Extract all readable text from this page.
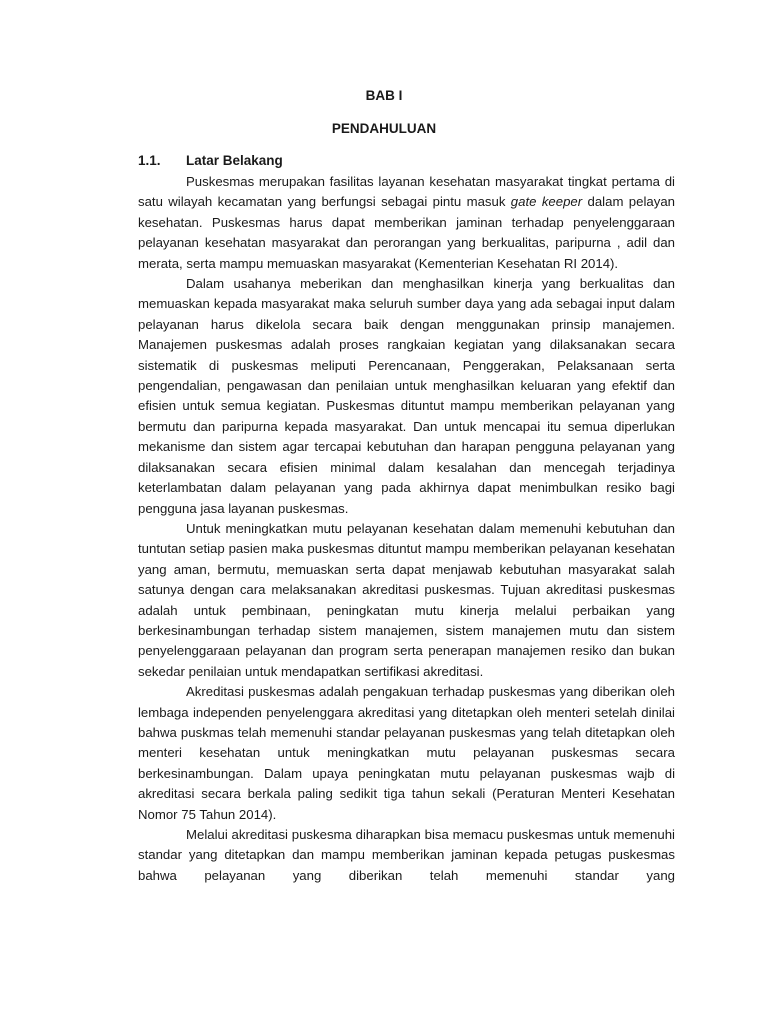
BAB I
PENDAHULUAN
1.1. Latar Belakang

Puskesmas merupakan fasilitas layanan kesehatan masyarakat tingkat pertama di satu wilayah kecamatan yang berfungsi sebagai pintu masuk gate keeper dalam pelayan kesehatan. Puskesmas harus dapat memberikan jaminan terhadap penyelenggaraan pelayanan kesehatan masyarakat dan perorangan yang berkualitas, paripurna , adil dan merata, serta mampu memuaskan masyarakat (Kementerian Kesehatan RI 2014).

Dalam usahanya meberikan dan menghasilkan kinerja yang berkualitas dan memuaskan kepada masyarakat maka seluruh sumber daya yang ada sebagai input dalam pelayanan harus dikelola secara baik dengan menggunakan prinsip manajemen. Manajemen puskesmas adalah proses rangkaian kegiatan yang dilaksanakan secara sistematik di puskesmas meliputi Perencanaan, Penggerakan, Pelaksanaan serta pengendalian, pengawasan dan penilaian untuk menghasilkan keluaran yang efektif dan efisien untuk semua kegiatan. Puskesmas dituntut mampu memberikan pelayanan yang bermutu dan paripurna kepada masyarakat. Dan untuk mencapai itu semua diperlukan mekanisme dan sistem agar tercapai kebutuhan dan harapan pengguna pelayanan yang dilaksanakan secara efisien minimal dalam kesalahan dan mencegah terjadinya keterlambatan dalam pelayanan yang pada akhirnya dapat menimbulkan resiko bagi pengguna jasa layanan puskesmas.

Untuk meningkatkan mutu pelayanan kesehatan dalam memenuhi kebutuhan dan tuntutan setiap pasien maka puskesmas dituntut mampu memberikan pelayanan kesehatan yang aman, bermutu, memuaskan serta dapat menjawab kebutuhan masyarakat salah satunya dengan cara melaksanakan akreditasi puskesmas. Tujuan akreditasi puskesmas adalah untuk pembinaan, peningkatan mutu kinerja melalui perbaikan yang berkesinambungan terhadap sistem manajemen, sistem manajemen mutu dan sistem penyelenggaraan pelayanan dan program serta penerapan manajemen resiko dan bukan sekedar penilaian untuk mendapatkan sertifikasi akreditasi.

Akreditasi puskesmas adalah pengakuan terhadap puskesmas yang diberikan oleh lembaga independen penyelenggara akreditasi yang ditetapkan oleh menteri setelah dinilai bahwa puskmas telah memenuhi standar pelayanan puskesmas yang telah ditetapkan oleh menteri kesehatan untuk meningkatkan mutu pelayanan puskesmas secara berkesinambungan. Dalam upaya peningkatan mutu pelayanan puskesmas wajb di akreditasi secara berkala paling sedikit tiga tahun sekali (Peraturan Menteri Kesehatan Nomor 75 Tahun 2014).

Melalui akreditasi puskesma diharapkan bisa memacu puskesmas untuk memenuhi standar yang ditetapkan dan mampu memberikan jaminan kepada petugas puskesmas bahwa pelayanan yang diberikan telah memenuhi standar yang
